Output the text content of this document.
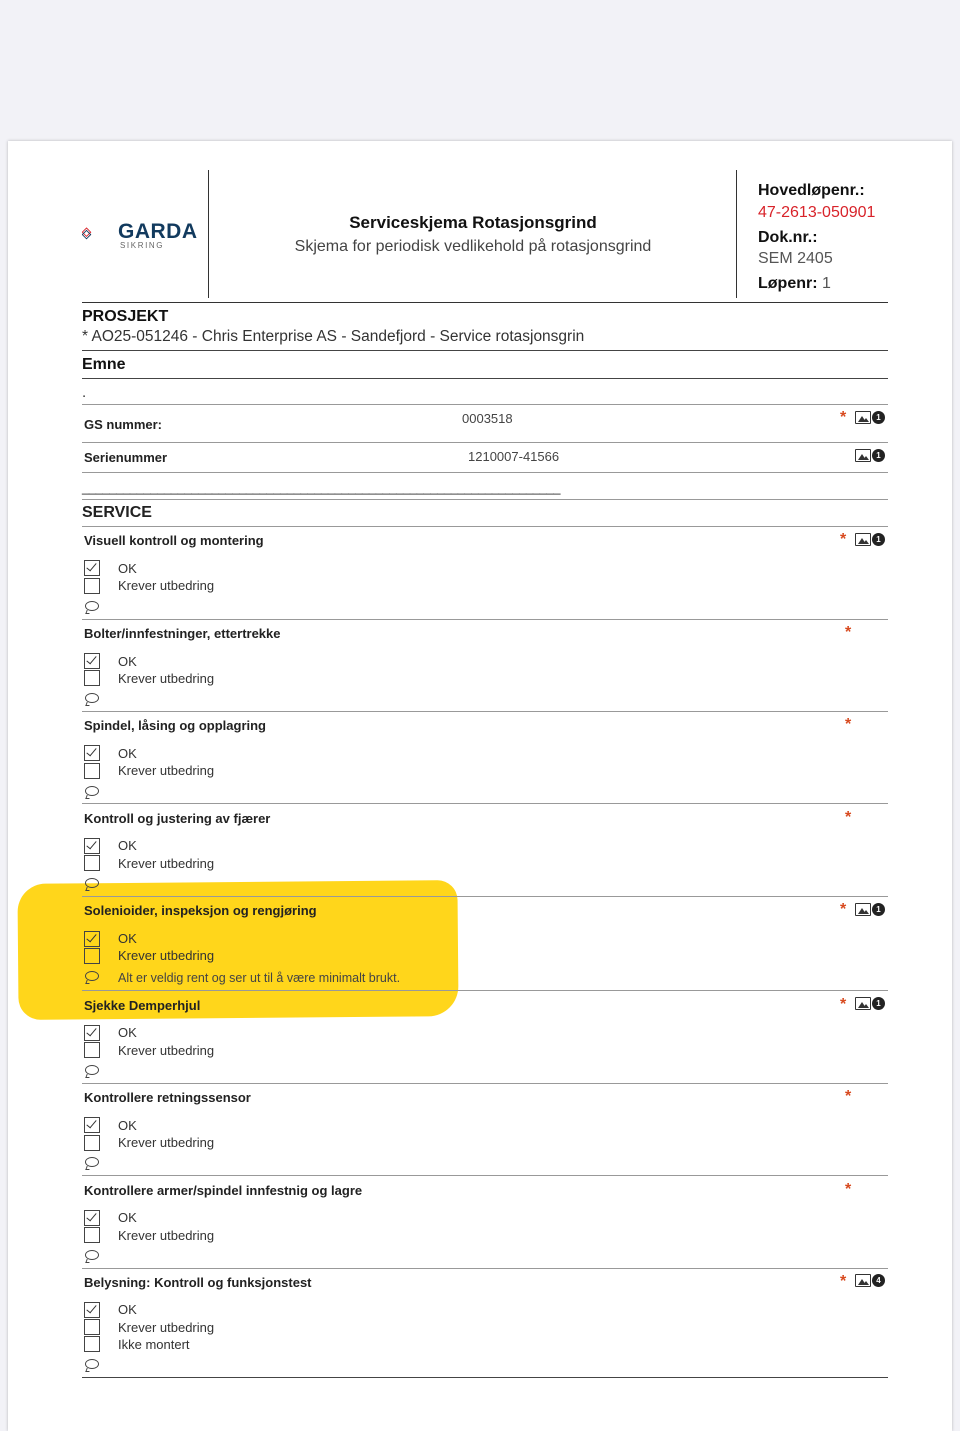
GARDA
SIKRING
Serviceskjema Rotasjonsgrind
Skjema for periodisk vedlikehold på rotasjonsgrind
Hovedløpenr.:
47-2613-050901
Dok.nr.:
SEM 2405
Løpenr: 1
PROSJEKT
* AO25-051246 - Chris Enterprise AS - Sandefjord - Service rotasjonsgrin
Emne
.
GS nummer:	0003518	*	1
Serienummer	1210007-41566	1
______________________________________________________________________
SERVICE
Visuell kontroll og montering	*	1
OK
Krever utbedring
Bolter/innfestninger, ettertrekke	*
OK
Krever utbedring
Spindel, låsing og opplagring	*
OK
Krever utbedring
Kontroll og justering av fjærer	*
OK
Krever utbedring
Solenioider, inspeksjon og rengjøring	*	1
OK
Krever utbedring
Alt er veldig rent og ser ut til å være minimalt brukt.
Sjekke Demperhjul	*	1
OK
Krever utbedring
Kontrollere retningssensor	*
OK
Krever utbedring
Kontrollere armer/spindel innfestnig og lagre	*
OK
Krever utbedring
Belysning: Kontroll og funksjonstest	*	4
OK
Krever utbedring
Ikke montert
